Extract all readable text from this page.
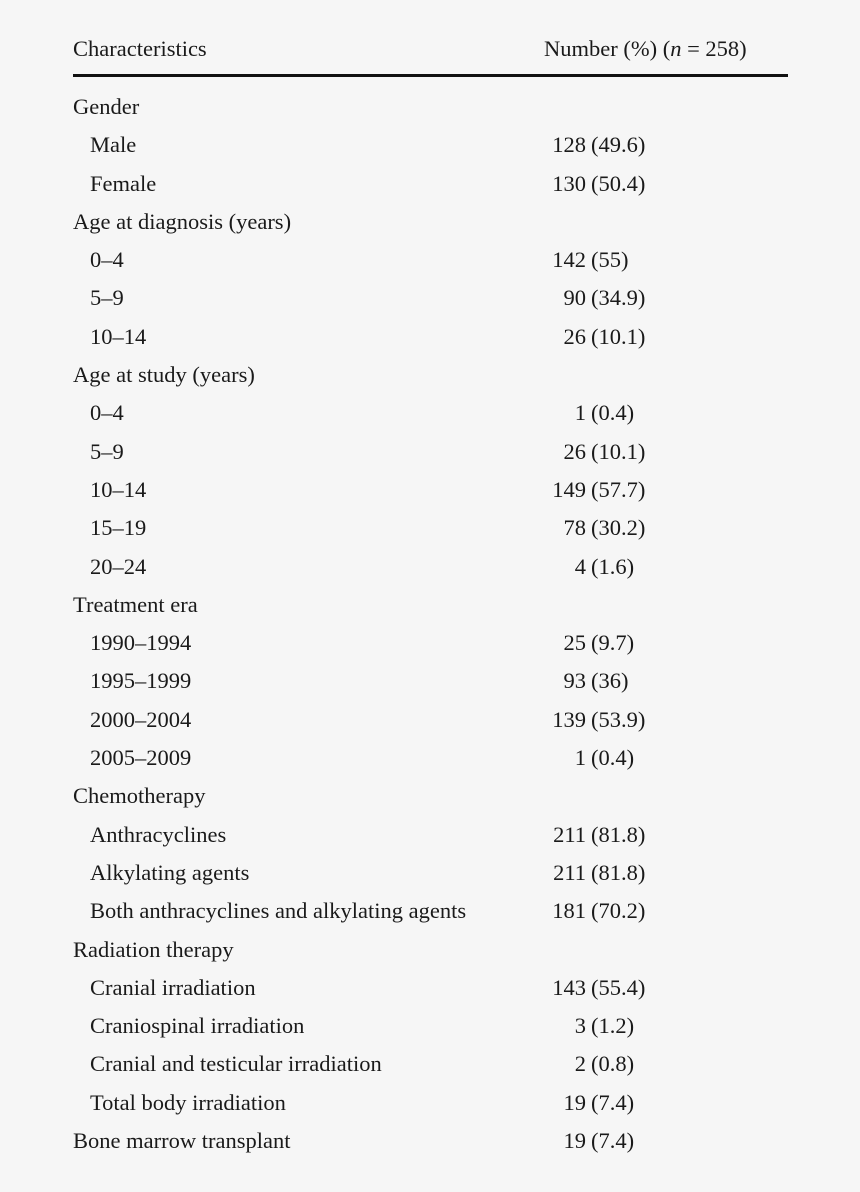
Characteristics	Number (%) (n = 258)
Gender
Male	128 (49.6)
Female	130 (50.4)
Age at diagnosis (years)
0–4	142 (55)
5–9	90 (34.9)
10–14	26 (10.1)
Age at study (years)
0–4	1 (0.4)
5–9	26 (10.1)
10–14	149 (57.7)
15–19	78 (30.2)
20–24	4 (1.6)
Treatment era
1990–1994	25 (9.7)
1995–1999	93 (36)
2000–2004	139 (53.9)
2005–2009	1 (0.4)
Chemotherapy
Anthracyclines	211 (81.8)
Alkylating agents	211 (81.8)
Both anthracyclines and alkylating agents	181 (70.2)
Radiation therapy
Cranial irradiation	143 (55.4)
Craniospinal irradiation	3 (1.2)
Cranial and testicular irradiation	2 (0.8)
Total body irradiation	19 (7.4)
Bone marrow transplant	19 (7.4)
